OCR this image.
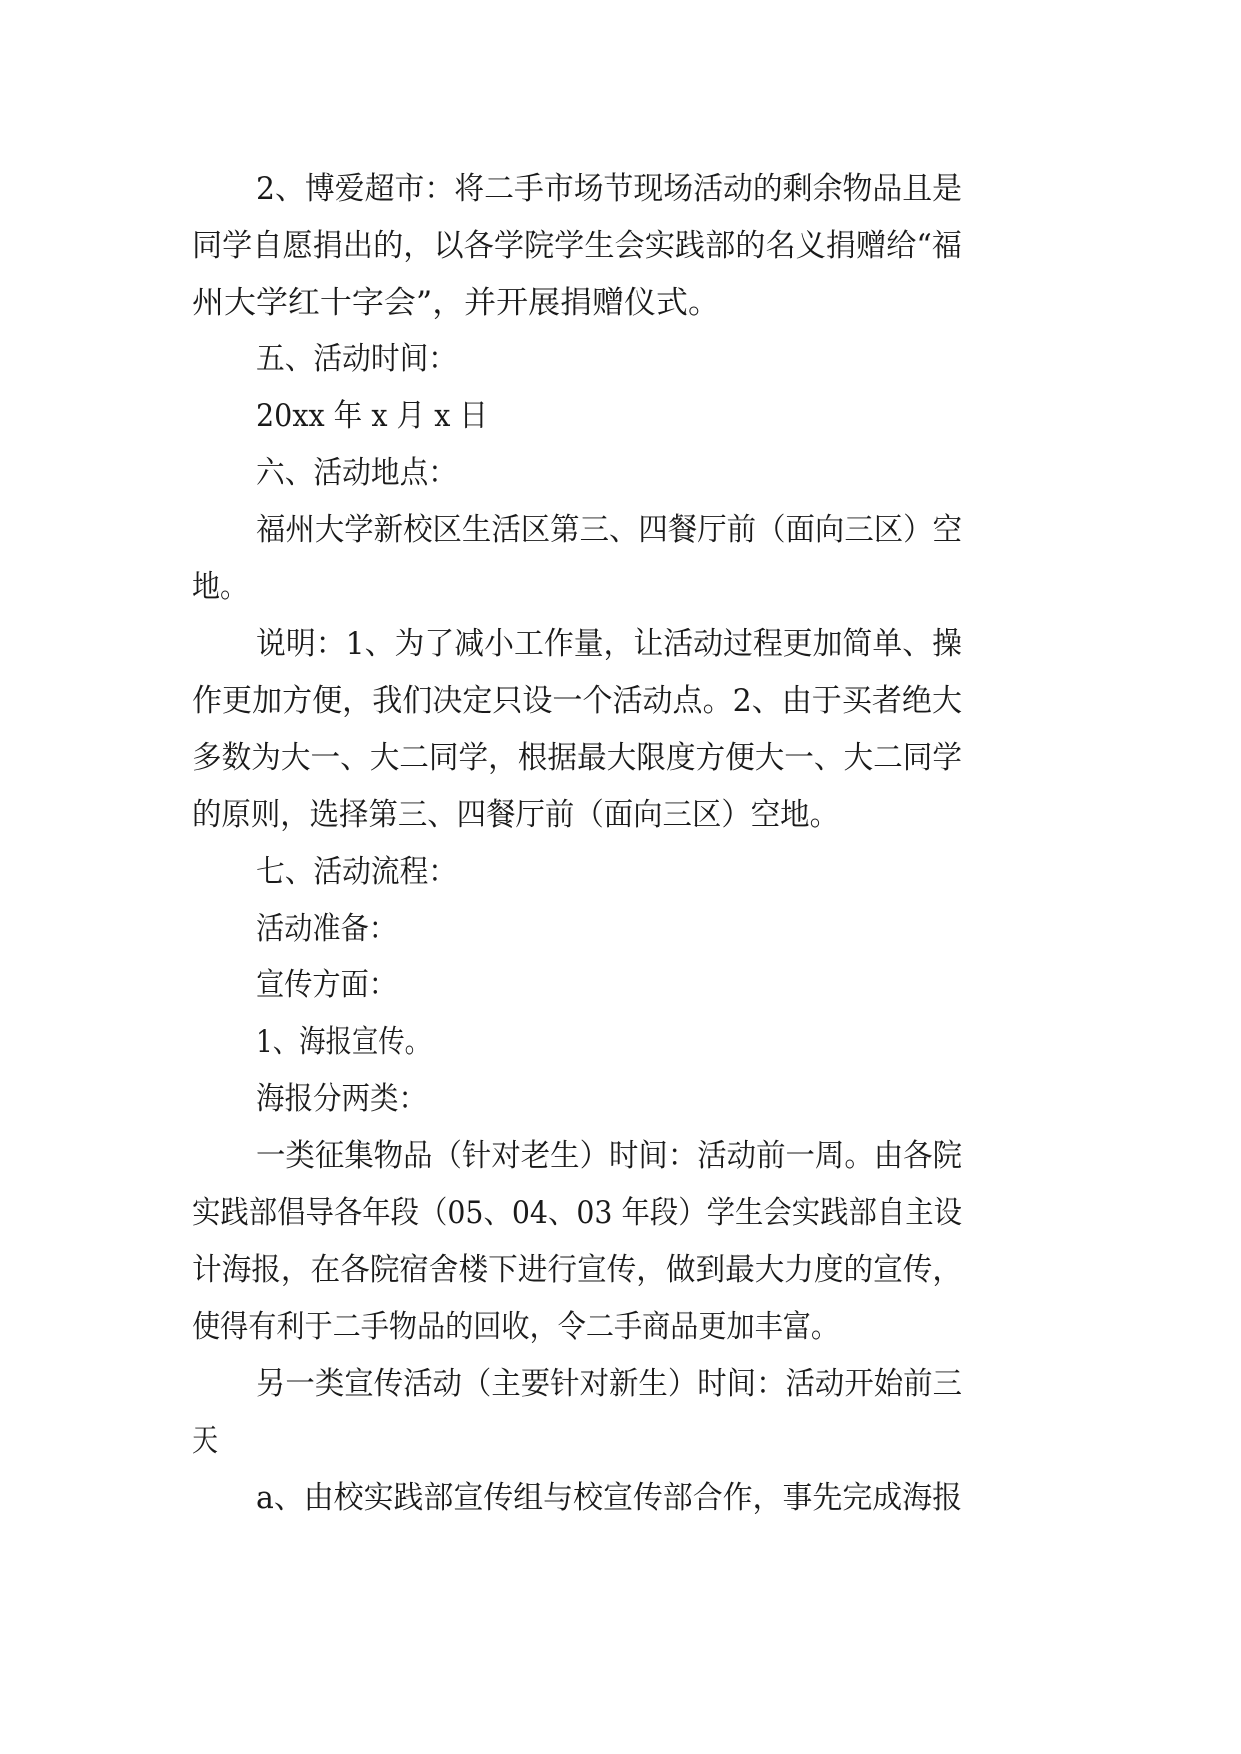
2、博爱超市：将二手市场节现场活动的剩余物品且是
同学自愿捐出的，以各学院学生会实践部的名义捐赠给“福
州大学红十字会”，并开展捐赠仪式。
五、活动时间：
20xx 年 x 月 x 日
六、活动地点：
福州大学新校区生活区第三、四餐厅前（面向三区）空
地。
说明：1、为了减小工作量，让活动过程更加简单、操
作更加方便，我们决定只设一个活动点。2、由于买者绝大
多数为大一、大二同学，根据最大限度方便大一、大二同学
的原则，选择第三、四餐厅前（面向三区）空地。
七、活动流程：
活动准备：
宣传方面：
1、海报宣传。
海报分两类：
一类征集物品（针对老生）时间：活动前一周。由各院
实践部倡导各年段（05、04、03 年段）学生会实践部自主设
计海报，在各院宿舍楼下进行宣传，做到最大力度的宣传，
使得有利于二手物品的回收，令二手商品更加丰富。
另一类宣传活动（主要针对新生）时间：活动开始前三
天
a、由校实践部宣传组与校宣传部合作，事先完成海报
